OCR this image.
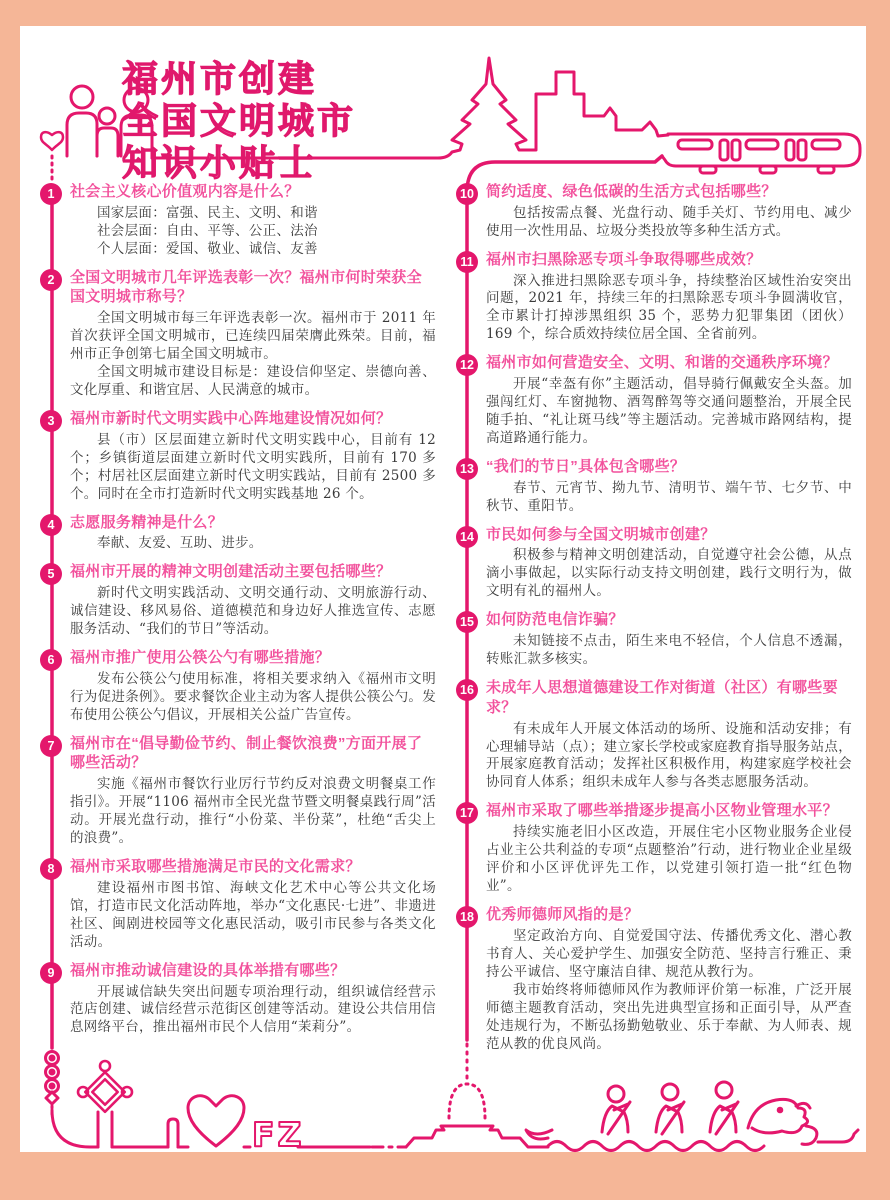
FZ
福州市创建
全国文明城市
知识小贴士
1	社会主义核心价值观内容是什么？

国家层面：富强、民主、文明、和谐

社会层面：自由、平等、公正、法治

个人层面：爱国、敬业、诚信、友善

2	全国文明城市几年评选表彰一次？福州市何时荣获全国文明城市称号？

全国文明城市每三年评选表彰一次。福州市于 2011 年首次获评全国文明城市，已连续四届荣膺此殊荣。目前，福州市正争创第七届全国文明城市。

全国文明城市建设目标是：建设信仰坚定、崇德向善、文化厚重、和谐宜居、人民满意的城市。

3	福州市新时代文明实践中心阵地建设情况如何？

县（市）区层面建立新时代文明实践中心，目前有 12 个；乡镇街道层面建立新时代文明实践所，目前有 170 多个；村居社区层面建立新时代文明实践站，目前有 2500 多个。同时在全市打造新时代文明实践基地 26 个。

4	志愿服务精神是什么？

奉献、友爱、互助、进步。

5	福州市开展的精神文明创建活动主要包括哪些？

新时代文明实践活动、文明交通行动、文明旅游行动、诚信建设、移风易俗、道德模范和身边好人推选宣传、志愿服务活动、“我们的节日”等活动。

6	福州市推广使用公筷公勺有哪些措施？

发布公筷公勺使用标准，将相关要求纳入《福州市文明行为促进条例》。要求餐饮企业主动为客人提供公筷公勺。发布使用公筷公勺倡议，开展相关公益广告宣传。

7	福州市在“倡导勤俭节约、制止餐饮浪费”方面开展了哪些活动？

实施《福州市餐饮行业厉行节约反对浪费文明餐桌工作指引》。开展“1106 福州市全民光盘节暨文明餐桌践行周”活动。开展光盘行动，推行“小份菜、半份菜”，杜绝“舌尖上的浪费”。

8	福州市采取哪些措施满足市民的文化需求？

建设福州市图书馆、海峡文化艺术中心等公共文化场馆，打造市民文化活动阵地，举办“文化惠民·七进”、非遗进社区、闽剧进校园等文化惠民活动，吸引市民参与各类文化活动。

9	福州市推动诚信建设的具体举措有哪些？

开展诚信缺失突出问题专项治理行动，组织诚信经营示范店创建、诚信经营示范街区创建等活动。建设公共信用信息网络平台，推出福州市民个人信用“茉莉分”。

10 简约适度、绿色低碳的生活方式包括哪些？

包括按需点餐、光盘行动、随手关灯、节约用电、减少使用一次性用品、垃圾分类投放等多种生活方式。

11 福州市扫黑除恶专项斗争取得哪些成效？

深入推进扫黑除恶专项斗争，持续整治区域性治安突出问题，2021 年，持续三年的扫黑除恶专项斗争圆满收官，全市累计打掉涉黑组织 35 个，恶势力犯罪集团（团伙）169 个，综合质效持续位居全国、全省前列。

12 福州市如何营造安全、文明、和谐的交通秩序环境？

开展“幸盔有你”主题活动，倡导骑行佩戴安全头盔。加强闯红灯、车窗抛物、酒驾醉驾等交通问题整治，开展全民随手拍、“礼让斑马线”等主题活动。完善城市路网结构，提高道路通行能力。

13 “我们的节日”具体包含哪些？

春节、元宵节、拗九节、清明节、端午节、七夕节、中秋节、重阳节。

14 市民如何参与全国文明城市创建？

积极参与精神文明创建活动，自觉遵守社会公德，从点滴小事做起，以实际行动支持文明创建，践行文明行为，做文明有礼的福州人。

15 如何防范电信诈骗？

未知链接不点击，陌生来电不轻信，个人信息不透漏，转账汇款多核实。

16 未成年人思想道德建设工作对街道（社区）有哪些要求？

有未成年人开展文体活动的场所、设施和活动安排；有心理辅导站（点）；建立家长学校或家庭教育指导服务站点，开展家庭教育活动；发挥社区积极作用，构建家庭学校社会协同育人体系；组织未成年人参与各类志愿服务活动。

17 福州市采取了哪些举措逐步提高小区物业管理水平？

持续实施老旧小区改造，开展住宅小区物业服务企业侵占业主公共利益的专项“点题整治”行动，进行物业企业星级评价和小区评优评先工作，以党建引领打造一批“红色物业”。

18 优秀师德师风指的是？

坚定政治方向、自觉爱国守法、传播优秀文化、潜心教书育人、关心爱护学生、加强安全防范、坚持言行雅正、秉持公平诚信、坚守廉洁自律、规范从教行为。

我市始终将师德师风作为教师评价第一标准，广泛开展师德主题教育活动，突出先进典型宣扬和正面引导，从严查处违规行为，不断弘扬勤勉敬业、乐于奉献、为人师表、规范从教的优良风尚。
